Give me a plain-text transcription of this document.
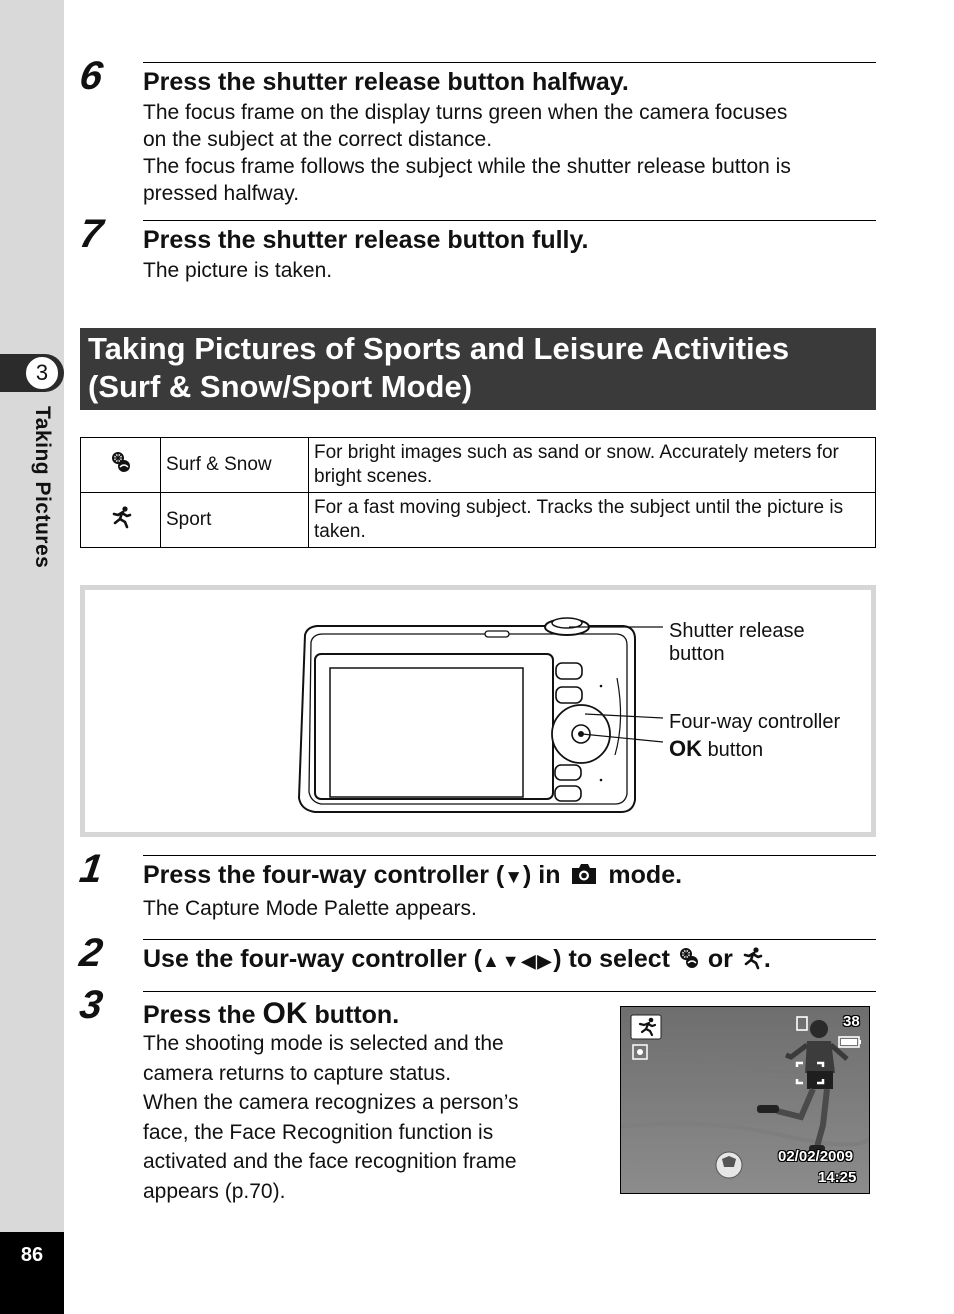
3
Taking Pictures
86
6 Press the shutter release button halfway.
The focus frame on the display turns green when the camera focuses
on the subject at the correct distance.
The focus frame follows the subject while the shutter release button is
pressed halfway.
7 Press the shutter release button fully.
The picture is taken.
Taking Pictures of Sports and Leisure Activities
(Surf & Snow/Sport Mode)
	Surf & Snow	For bright images such as sand or snow. Accurately meters for bright scenes.
	Sport	For a fast moving subject. Tracks the subject until the picture is taken.
Shutter release
button
Four-way controller
OK button
1 Press the four-way controller (▼) in mode.
The Capture Mode Palette appears.
2 Use the four-way controller (▲▼◀▶) to select or .
3 Press the OK button.
The shooting mode is selected and the
camera returns to capture status.
When the camera recognizes a person’s
face, the Face Recognition function is
activated and the face recognition frame
appears (p.70).
38
02/02/2009
14:25
